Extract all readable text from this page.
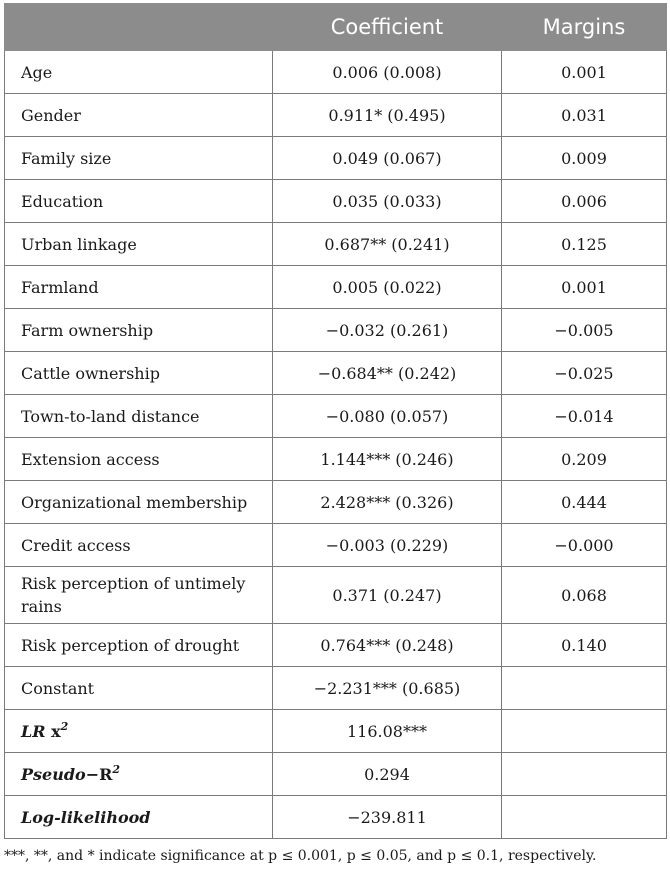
	Coefficient	Margins
Age	0.006 (0.008)	0.001
Gender	0.911* (0.495)	0.031
Family size	0.049 (0.067)	0.009
Education	0.035 (0.033)	0.006
Urban linkage	0.687** (0.241)	0.125
Farmland	0.005 (0.022)	0.001
Farm ownership	−0.032 (0.261)	−0.005
Cattle ownership	−0.684** (0.242)	−0.025
Town-to-land distance	−0.080 (0.057)	−0.014
Extension access	1.144*** (0.246)	0.209
Organizational membership	2.428*** (0.326)	0.444
Credit access	−0.003 (0.229)	−0.000
Risk perception of untimely rains	0.371 (0.247)	0.068
Risk perception of drought	0.764*** (0.248)	0.140
Constant	−2.231*** (0.685)	
LR $x^2$	116.08***	
$Pseudo-R^2$	0.294	
Log-likelihood	−239.811	
***, **, and * indicate significance at p ≤ 0.001, p ≤ 0.05, and p ≤ 0.1, respectively.
